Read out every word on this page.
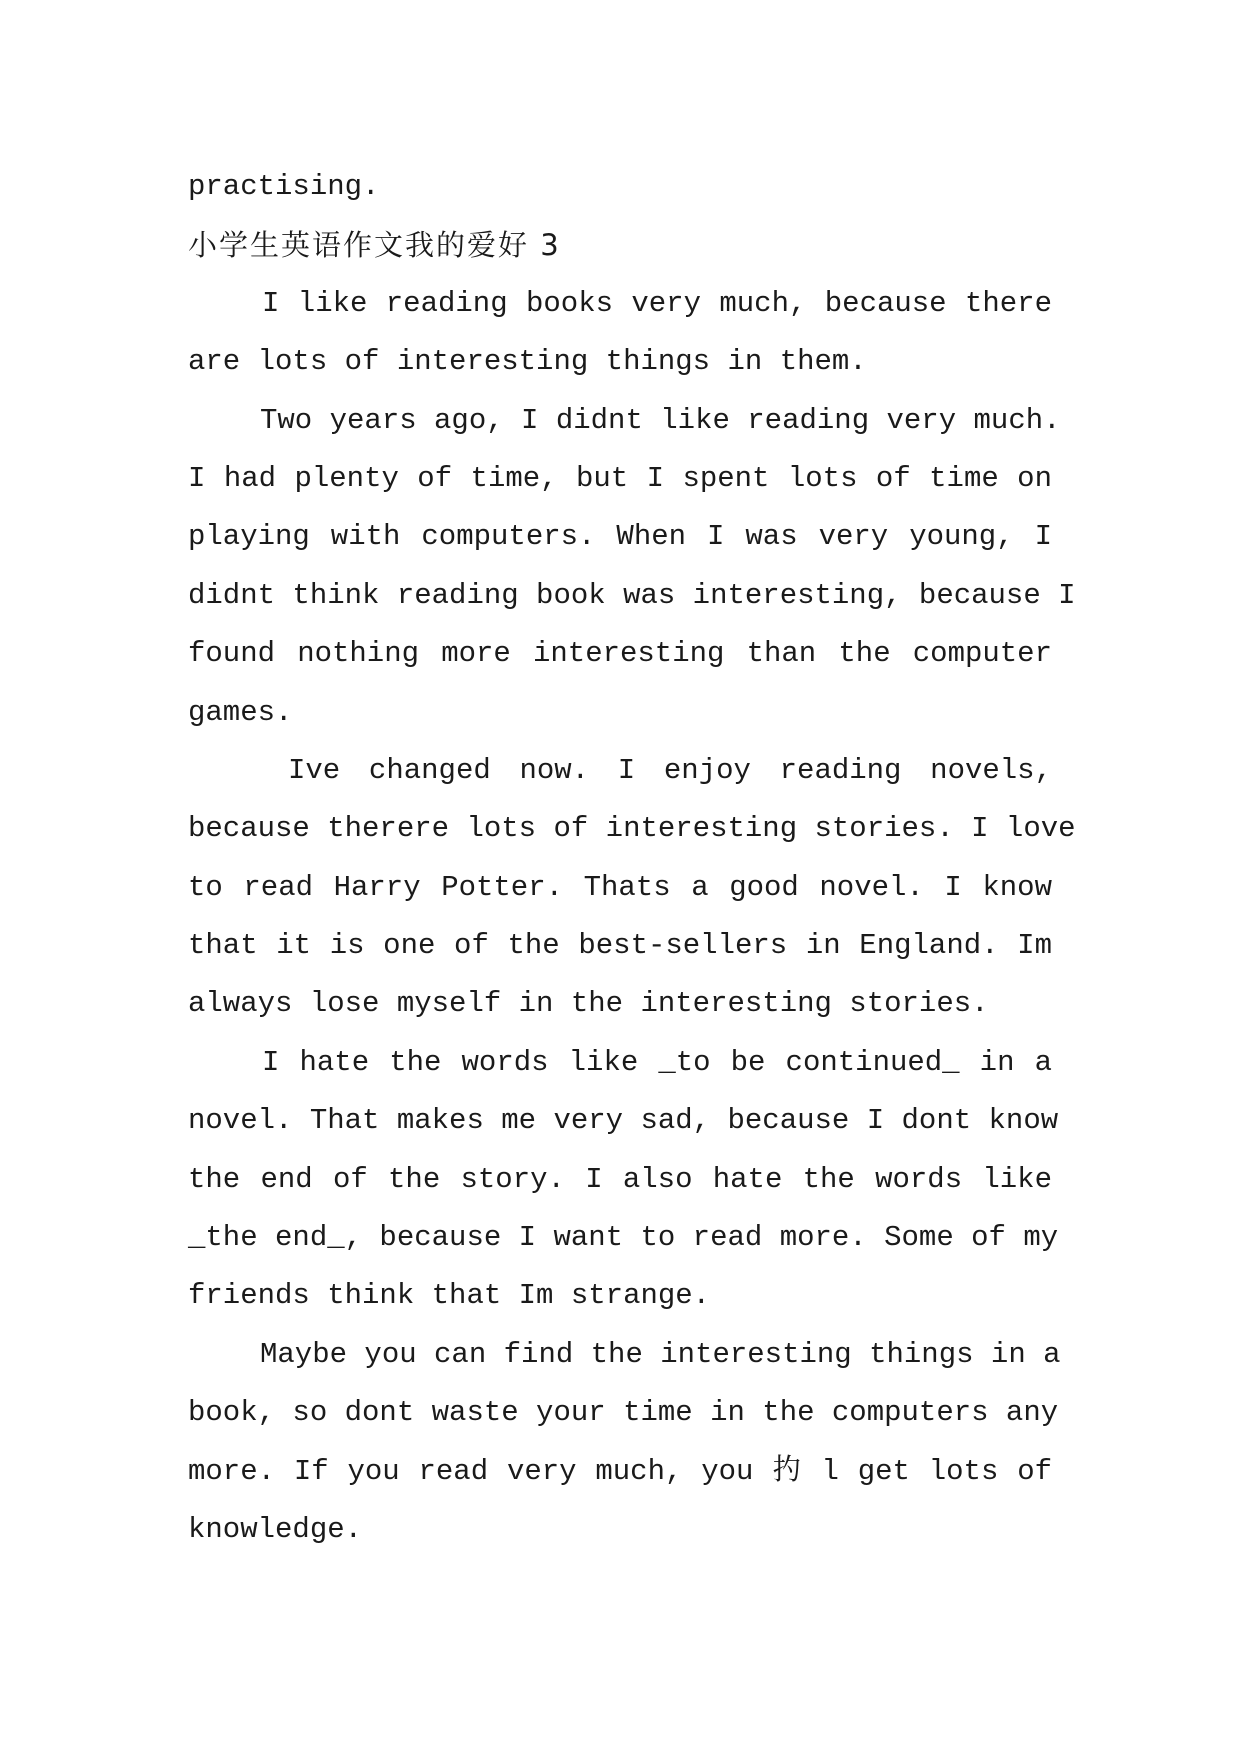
practising.

小学生英语作文我的爱好 3

I like reading books very much, because there

are lots of interesting things in them.

Two years ago, I didnt like reading very much.

I had plenty of time, but I spent lots of time on

playing with computers. When I was very young, I

didnt think reading book was interesting, because I

found nothing more interesting than the computer

games.

Ive changed now. I enjoy reading novels,

because therere lots of interesting stories. I love

to read Harry Potter. Thats a good novel. I know

that it is one of the best-sellers in England. Im

always lose myself in the interesting stories.

I hate the words like _to be continued_ in a

novel. That makes me very sad, because I dont know

the end of the story. I also hate the words like

_the end_, because I want to read more. Some of my

friends think that Im strange.

Maybe you can find the interesting things in a

book, so dont waste your time in the computers any

more. If you read very much, you 扚 l get lots of

knowledge.
